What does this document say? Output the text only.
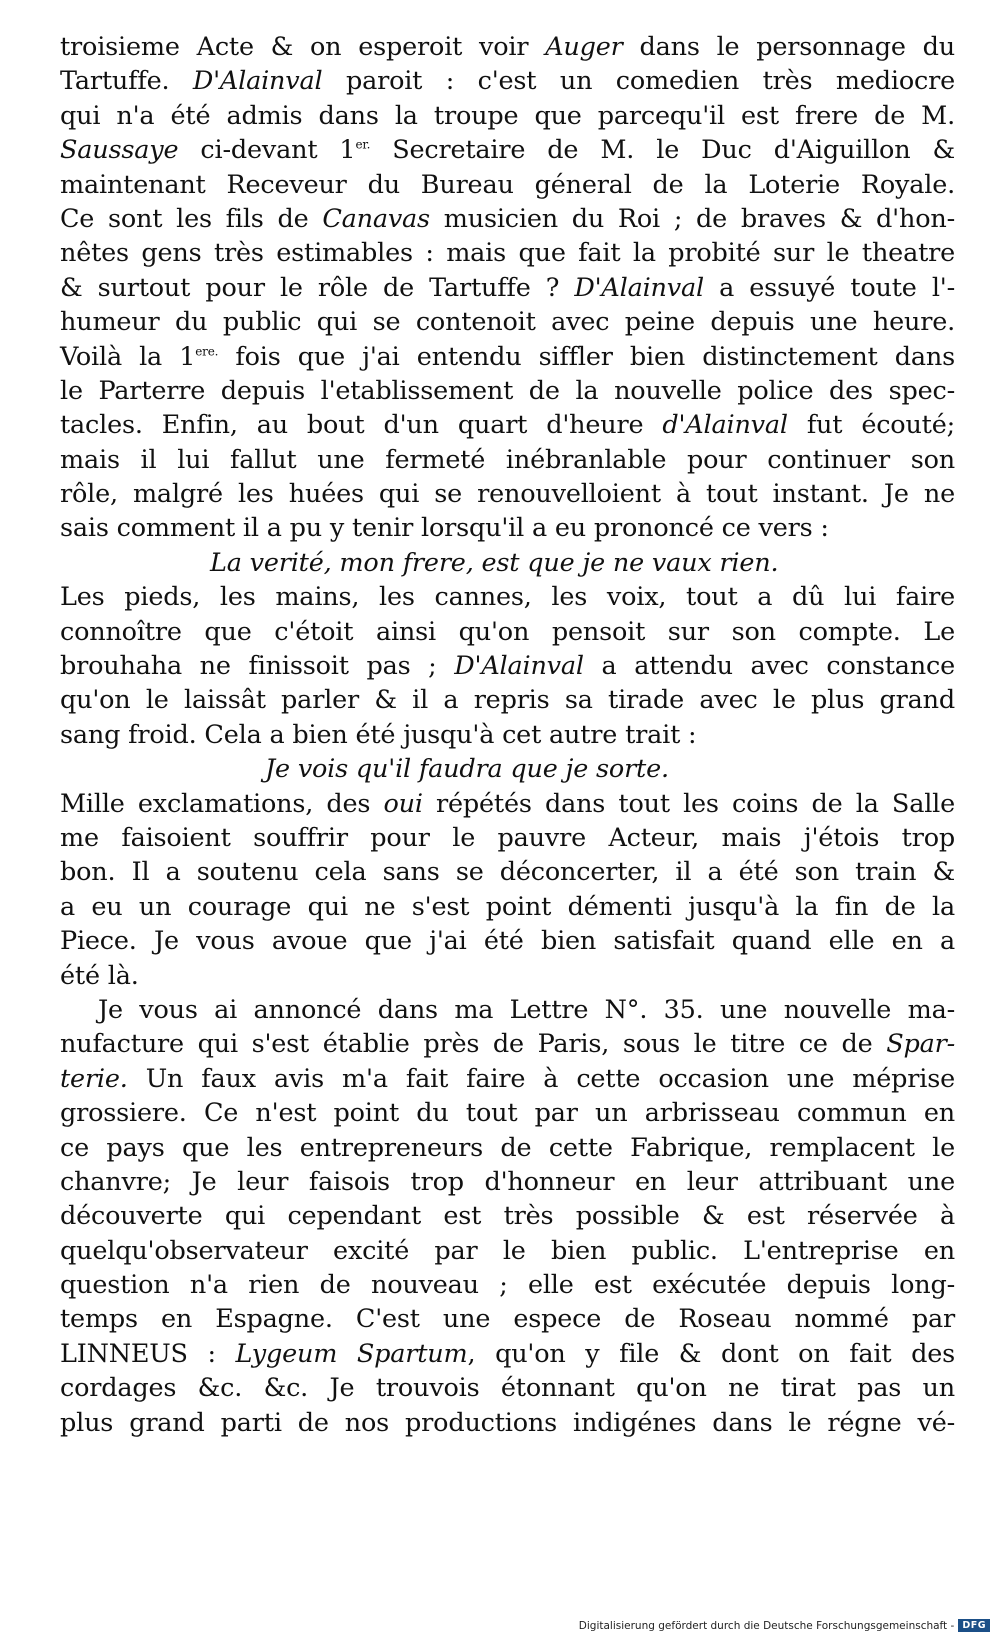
troisieme Acte & on esperoit voir Auger dans le personnage du
Tartuffe. D'Alainval paroit : c'est un comedien très mediocre
qui n'a été admis dans la troupe que parcequ'il est frere de M.
Saussaye ci-devant $1^{er.}$ Secretaire de M. le Duc d'Aiguillon &
maintenant Receveur du Bureau géneral de la Loterie Royale.
Ce sont les fils de Canavas musicien du Roi ; de braves & d'hon-
nêtes gens très estimables : mais que fait la probité sur le theatre
& surtout pour le rôle de Tartuffe ? D'Alainval a essuyé toute l'-
humeur du public qui se contenoit avec peine depuis une heure.
Voilà la $1^{ere.}$ fois que j'ai entendu siffler bien distinctement dans
le Parterre depuis l'etablissement de la nouvelle police des spec-
tacles. Enfin, au bout d'un quart d'heure d'Alainval fut écouté;
mais il lui fallut une fermeté inébranlable pour continuer son
rôle, malgré les huées qui se renouvelloient à tout instant. Je ne
sais comment il a pu y tenir lorsqu'il a eu prononcé ce vers :
La verité, mon frere, est que je ne vaux rien.
Les pieds, les mains, les cannes, les voix, tout a dû lui faire
connoître que c'étoit ainsi qu'on pensoit sur son compte. Le
brouhaha ne finissoit pas ; D'Alainval a attendu avec constance
qu'on le laissât parler & il a repris sa tirade avec le plus grand
sang froid. Cela a bien été jusqu'à cet autre trait :
Je vois qu'il faudra que je sorte.
Mille exclamations, des oui répétés dans tout les coins de la Salle
me faisoient souffrir pour le pauvre Acteur, mais j'étois trop
bon. Il a soutenu cela sans se déconcerter, il a été son train &
a eu un courage qui ne s'est point démenti jusqu'à la fin de la
Piece. Je vous avoue que j'ai été bien satisfait quand elle en a
été là.
Je vous ai annoncé dans ma Lettre N°. 35. une nouvelle ma-
nufacture qui s'est établie près de Paris, sous le titre ce de Spar-
terie. Un faux avis m'a fait faire à cette occasion une méprise
grossiere. Ce n'est point du tout par un arbrisseau commun en
ce pays que les entrepreneurs de cette Fabrique, remplacent le
chanvre; Je leur faisois trop d'honneur en leur attribuant une
découverte qui cependant est très possible & est réservée à
quelqu'observateur excité par le bien public. L'entreprise en
question n'a rien de nouveau ; elle est exécutée depuis long-
temps en Espagne. C'est une espece de Roseau nommé par
LINNEUS : Lygeum Spartum, qu'on y file & dont on fait des
cordages &c. &c. Je trouvois étonnant qu'on ne tirat pas un
plus grand parti de nos productions indigénes dans le régne vé-
Digitalisierung gefördert durch die Deutsche Forschungsgemeinschaft - DFG
